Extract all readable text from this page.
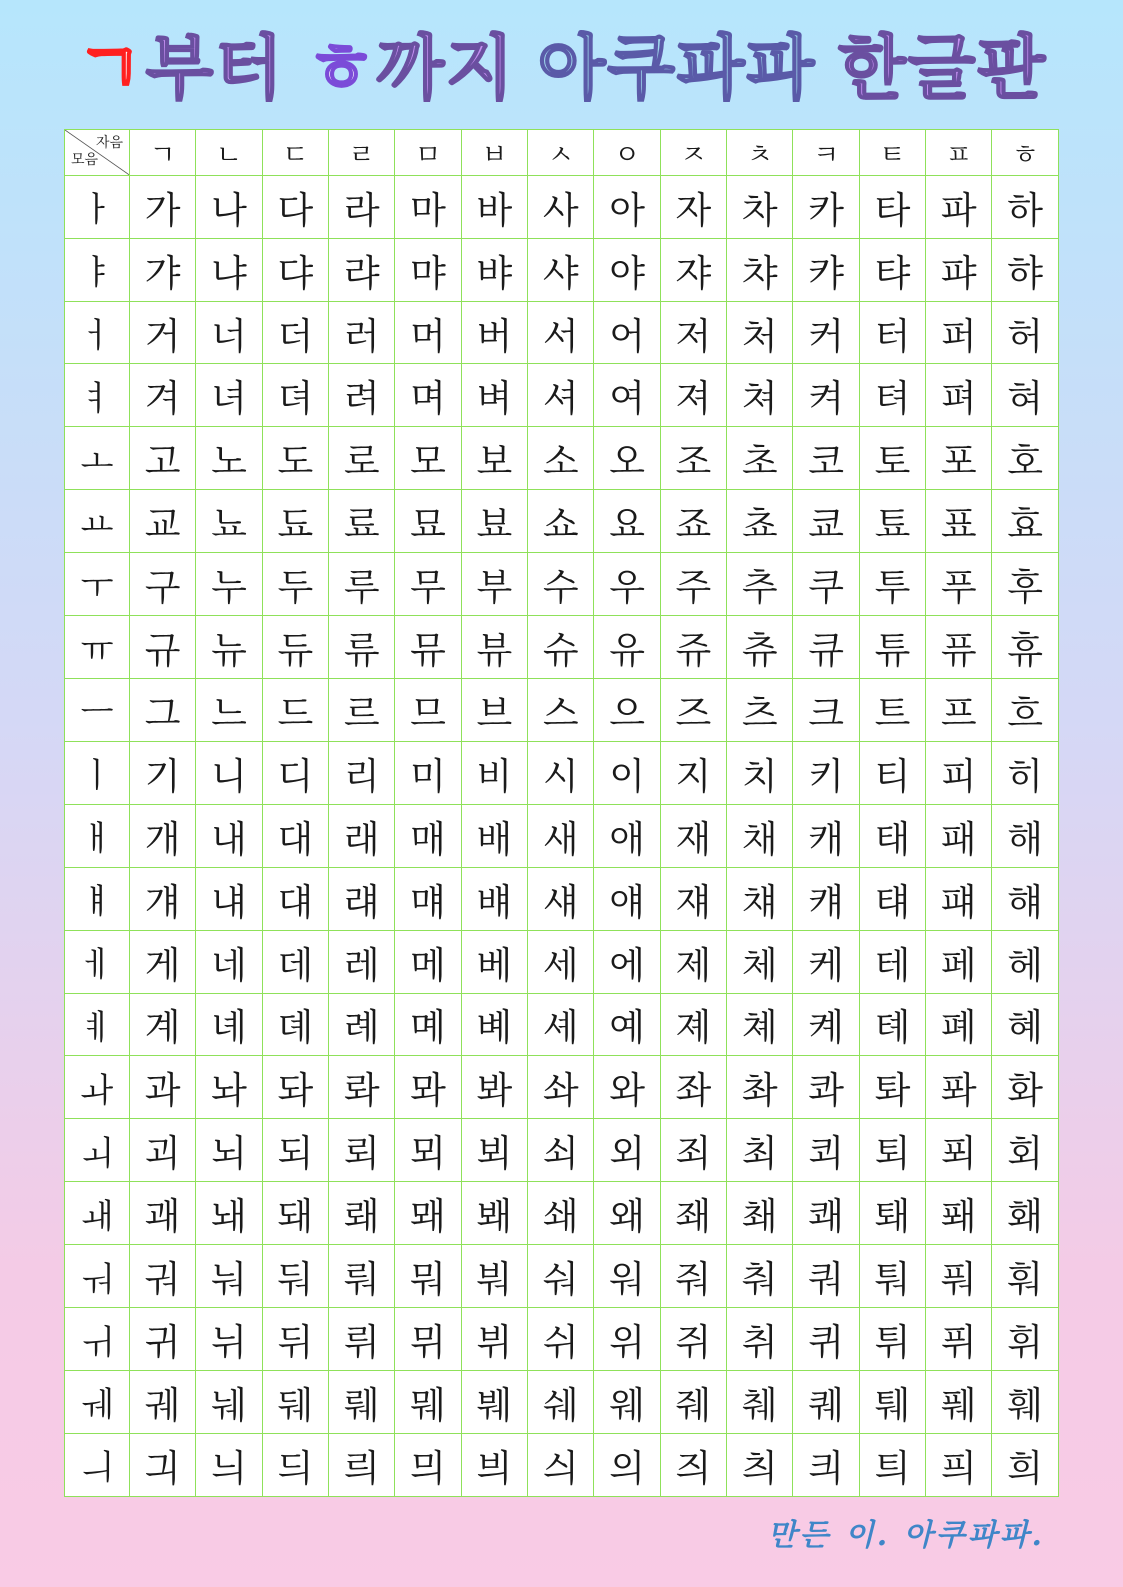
ㄱ부터 ㅎ까지 아쿠파파 한글판
자음
모음	ㄱ	ㄴ	ㄷ	ㄹ	ㅁ	ㅂ	ㅅ	ㅇ	ㅈ	ㅊ	ㅋ	ㅌ	ㅍ	ㅎ
ㅏ	가	나	다	라	마	바	사	아	자	차	카	타	파	하
ㅑ	갸	냐	댜	랴	먀	뱌	샤	야	쟈	챠	캬	탸	퍄	햐
ㅓ	거	너	더	러	머	버	서	어	저	처	커	터	퍼	허
ㅕ	겨	녀	뎌	려	며	벼	셔	여	져	쳐	켜	텨	펴	혀
ㅗ	고	노	도	로	모	보	소	오	조	초	코	토	포	호
ㅛ	교	뇨	됴	료	묘	뵤	쇼	요	죠	쵸	쿄	툐	표	효
ㅜ	구	누	두	루	무	부	수	우	주	추	쿠	투	푸	후
ㅠ	규	뉴	듀	류	뮤	뷰	슈	유	쥬	츄	큐	튜	퓨	휴
ㅡ	그	느	드	르	므	브	스	으	즈	츠	크	트	프	흐
ㅣ	기	니	디	리	미	비	시	이	지	치	키	티	피	히
ㅐ	개	내	대	래	매	배	새	애	재	채	캐	태	패	해
ㅒ	걔	냬	댸	럐	먜	뱨	섀	얘	쟤	챼	컈	턔	퍠	햬
ㅔ	게	네	데	레	메	베	세	에	제	체	케	테	페	헤
ㅖ	계	녜	뎨	례	몌	볘	셰	예	졔	쳬	켸	톄	폐	혜
ㅘ	과	놔	돠	롸	뫄	봐	솨	와	좌	촤	콰	톼	퐈	화
ㅚ	괴	뇌	되	뢰	뫼	뵈	쇠	외	죄	최	쾨	퇴	푀	회
ㅙ	괘	놰	돼	뢔	뫠	봬	쇄	왜	좨	쵀	쾌	퇘	퐤	홰
ㅝ	궈	눠	둬	뤄	뭐	붜	숴	워	줘	춰	쿼	퉈	풔	훠
ㅟ	귀	뉘	뒤	뤼	뮈	뷔	쉬	위	쥐	취	퀴	튀	퓌	휘
ㅞ	궤	눼	뒈	뤠	뭬	붸	쉐	웨	줴	췌	퀘	퉤	풰	훼
ㅢ	긔	늬	듸	릐	믜	븨	싀	의	즤	츼	킈	틔	픠	희
만든 이. 아쿠파파.
